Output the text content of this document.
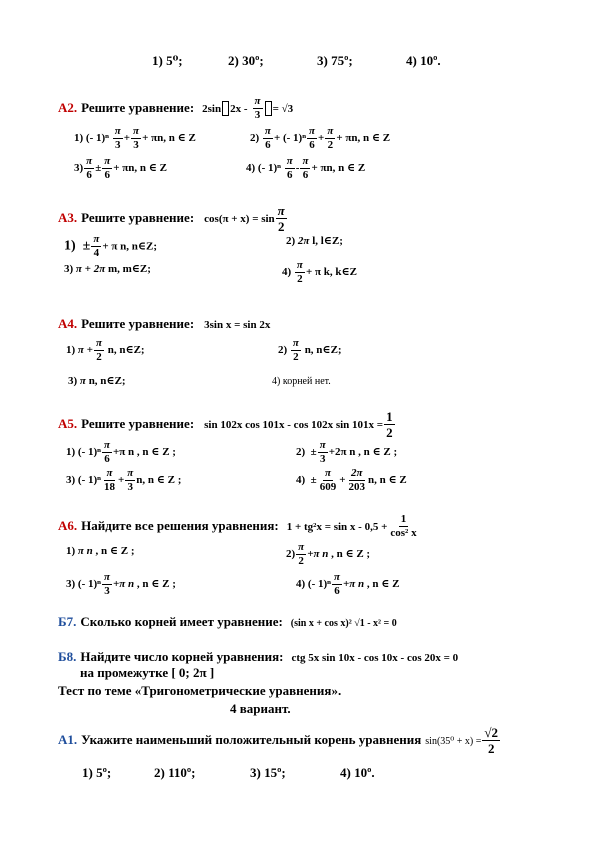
1) 5⁰;	2) 30º;	3) 75º;	4) 10º.
А2. Решите уравнение: 2sin $2x - \frac{\pi}{3} = √3$
1) (- $1)^n \frac{\pi}{3} + \frac{\pi}{3} + \pi n$, n ∈ Z	$2) \frac{\pi}{6}$ + (- $1)^n \frac{\pi}{6} + \frac{\pi}{2} + \pi n$, n ∈ Z
$3) \frac{\pi}{6} \pm \frac{\pi}{6} + \pi n$, n ∈ Z	4) (- $1)^n \frac{\pi}{6} - \frac{\pi}{6} + \pi n$, n ∈ Z
А3. Решите уравнение: $\cos(\pi + x) = \sin \frac{\pi}{2}$
$1) \pm \frac{\pi}{4} + \pi$ n, n∈Z;	2) 2π l, l∈Z;
3) π + 2π m, m∈Z;	$4) \frac{\pi}{2} + \pi$ k, k∈Z
А4. Решите уравнение: 3sin x = sin 2x
1) $\pi + \frac{\pi}{2} n$, n∈Z;	$2) \frac{\pi}{2} n$, n∈Z;
3) π n, n∈Z;	4) корней нет.
А5. Решите уравнение: sin 102x cos 101x - cos 102x $\sin 101x = \frac{1}{2}$
1) (- $1)^n \frac{\pi}{6} +\pi$ n , n ∈ Z ;	$2) \pm \frac{\pi}{3} +2\pi$ n , n ∈ Z ;
3) (- $1)^n \frac{\pi}{18} + \frac{\pi}{3} n$, n ∈ Z ;	$4) \pm \frac{\pi}{609} + \frac{2\pi}{203} n$, n ∈ Z
А6. Найдите все решения уравнения: $1 + tg^2x = \sin x - 0,5 + \frac{1}{\text{cos² x}}$
1) π n , n ∈ Z ;	$2) \frac{\pi}{2} +\pi$ n , n ∈ Z ;
3) (- $1)^n \frac{\pi}{3} +\pi$ n , n ∈ Z ;	4) (- $1)^n \frac{\pi}{6} +\pi$ n , n ∈ Z
Б7. Сколько корней имеет уравнение: (sin x + cos x)² √1 - x² = 0
Б8. Найдите число корней уравнения: ctg 5x sin 10x - cos 10x - cos 20x = 0
на промежутке [ 0; 2π ]
Тест по теме «Тригонометрические уравнения».
4 вариант.
А1. Укажите наименьший положительный корень уравнения $\sin(35^0 + x) = \frac{√2}{2}$
1) 5º;	2) 110º;	3) 15º;	4) 10º.
